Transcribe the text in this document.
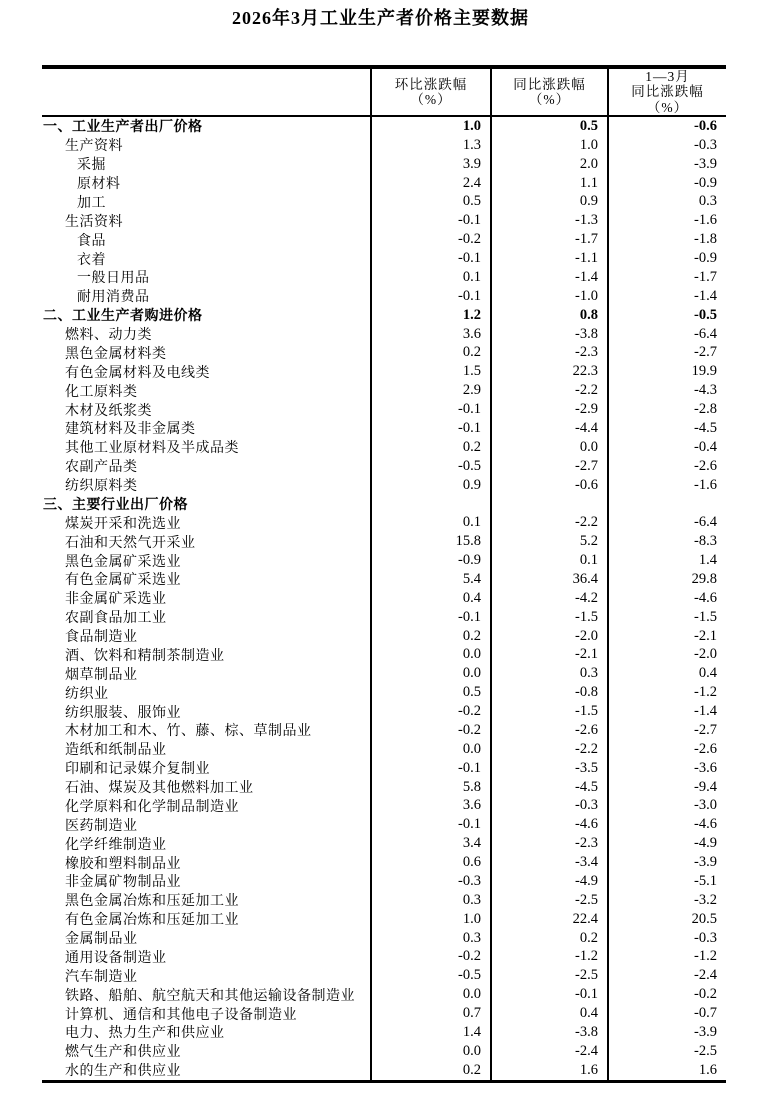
2026年3月工业生产者价格主要数据
环比涨跌幅
（%）
同比涨跌幅
（%）
1—3月
同比涨跌幅
（%）
一、工业生产者出厂价格	1.0	0.5	-0.6
生产资料	1.3	1.0	-0.3
采掘	3.9	2.0	-3.9
原材料	2.4	1.1	-0.9
加工	0.5	0.9	0.3
生活资料	-0.1	-1.3	-1.6
食品	-0.2	-1.7	-1.8
衣着	-0.1	-1.1	-0.9
一般日用品	0.1	-1.4	-1.7
耐用消费品	-0.1	-1.0	-1.4
二、工业生产者购进价格	1.2	0.8	-0.5
燃料、动力类	3.6	-3.8	-6.4
黑色金属材料类	0.2	-2.3	-2.7
有色金属材料及电线类	1.5	22.3	19.9
化工原料类	2.9	-2.2	-4.3
木材及纸浆类	-0.1	-2.9	-2.8
建筑材料及非金属类	-0.1	-4.4	-4.5
其他工业原材料及半成品类	0.2	0.0	-0.4
农副产品类	-0.5	-2.7	-2.6
纺织原料类	0.9	-0.6	-1.6
三、主要行业出厂价格
煤炭开采和洗选业	0.1	-2.2	-6.4
石油和天然气开采业	15.8	5.2	-8.3
黑色金属矿采选业	-0.9	0.1	1.4
有色金属矿采选业	5.4	36.4	29.8
非金属矿采选业	0.4	-4.2	-4.6
农副食品加工业	-0.1	-1.5	-1.5
食品制造业	0.2	-2.0	-2.1
酒、饮料和精制茶制造业	0.0	-2.1	-2.0
烟草制品业	0.0	0.3	0.4
纺织业	0.5	-0.8	-1.2
纺织服装、服饰业	-0.2	-1.5	-1.4
木材加工和木、竹、藤、棕、草制品业	-0.2	-2.6	-2.7
造纸和纸制品业	0.0	-2.2	-2.6
印刷和记录媒介复制业	-0.1	-3.5	-3.6
石油、煤炭及其他燃料加工业	5.8	-4.5	-9.4
化学原料和化学制品制造业	3.6	-0.3	-3.0
医药制造业	-0.1	-4.6	-4.6
化学纤维制造业	3.4	-2.3	-4.9
橡胶和塑料制品业	0.6	-3.4	-3.9
非金属矿物制品业	-0.3	-4.9	-5.1
黑色金属冶炼和压延加工业	0.3	-2.5	-3.2
有色金属冶炼和压延加工业	1.0	22.4	20.5
金属制品业	0.3	0.2	-0.3
通用设备制造业	-0.2	-1.2	-1.2
汽车制造业	-0.5	-2.5	-2.4
铁路、船舶、航空航天和其他运输设备制造业	0.0	-0.1	-0.2
计算机、通信和其他电子设备制造业	0.7	0.4	-0.7
电力、热力生产和供应业	1.4	-3.8	-3.9
燃气生产和供应业	0.0	-2.4	-2.5
水的生产和供应业	0.2	1.6	1.6
